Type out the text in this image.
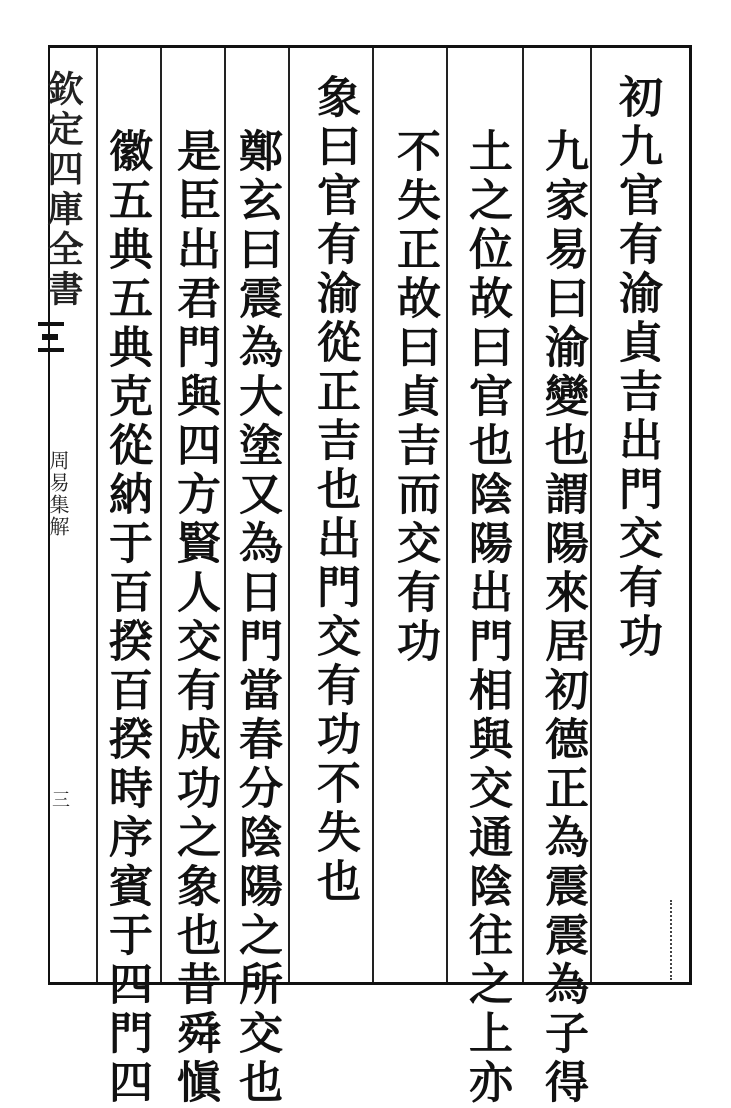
欽定四庫全書
周易集解
三
初九官有渝貞吉出門交有功
九家易曰渝變也謂陽來居初德正為震震為子得
土之位故曰官也陰陽出門相與交通陰往之上亦
不失正故曰貞吉而交有功
象曰官有渝從正吉也出門交有功不失也
鄭玄曰震為大塗又為日門當春分陰陽之所交也
是臣出君門與四方賢人交有成功之象也昔舜愼
徽五典五典克從納于百揆百揆時序賓于四門四
